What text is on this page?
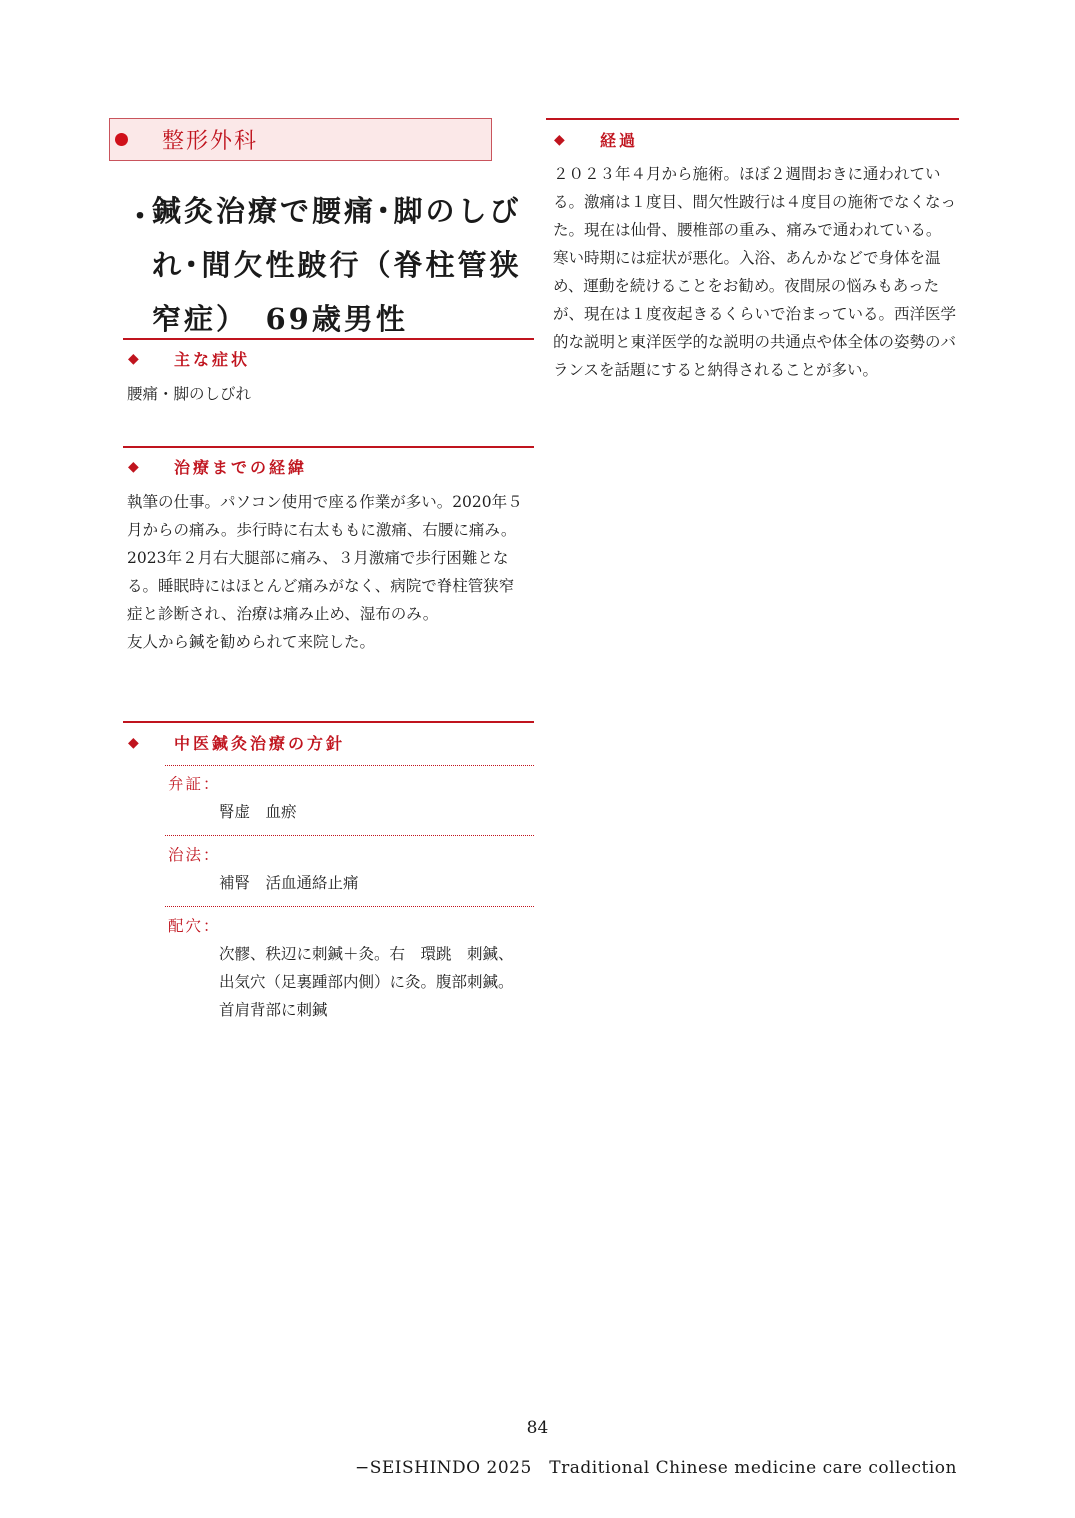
整形外科
・
鍼灸治療で腰痛･脚のしびれ･間欠性跛行（脊柱管狭窄症）　69歳男性
◆	主な症状

腰痛・脚のしびれ

◆	治療までの経緯

執筆の仕事。パソコン使用で座る作業が多い。2020年５月からの痛み。歩行時に右太ももに激痛、右腰に痛み。

2023年２月右大腿部に痛み、３月激痛で歩行困難となる。睡眠時にはほとんど痛みがなく、病院で脊柱管狭窄症と診断され、治療は痛み止め、湿布のみ。

友人から鍼を勧められて来院した。

◆	中医鍼灸治療の方針
弁証：

腎虚　血瘀

治法：

補腎　活血通絡止痛

配穴：

次髎、秩辺に刺鍼＋灸。右　環跳　刺鍼、出気穴（足裏踵部内側）に灸。腹部刺鍼。首肩背部に刺鍼

◆	経過

２０２３年４月から施術。ほぼ２週間おきに通われている。激痛は１度目、間欠性跛行は４度目の施術でなくなった。現在は仙骨、腰椎部の重み、痛みで通われている。寒い時期には症状が悪化。入浴、あんかなどで身体を温め、運動を続けることをお勧め。夜間尿の悩みもあったが、現在は１度夜起きるくらいで治まっている。西洋医学的な説明と東洋医学的な説明の共通点や体全体の姿勢のバランスを話題にすると納得されることが多い。

84
−SEISHINDO 2025　Traditional Chinese medicine care collection
